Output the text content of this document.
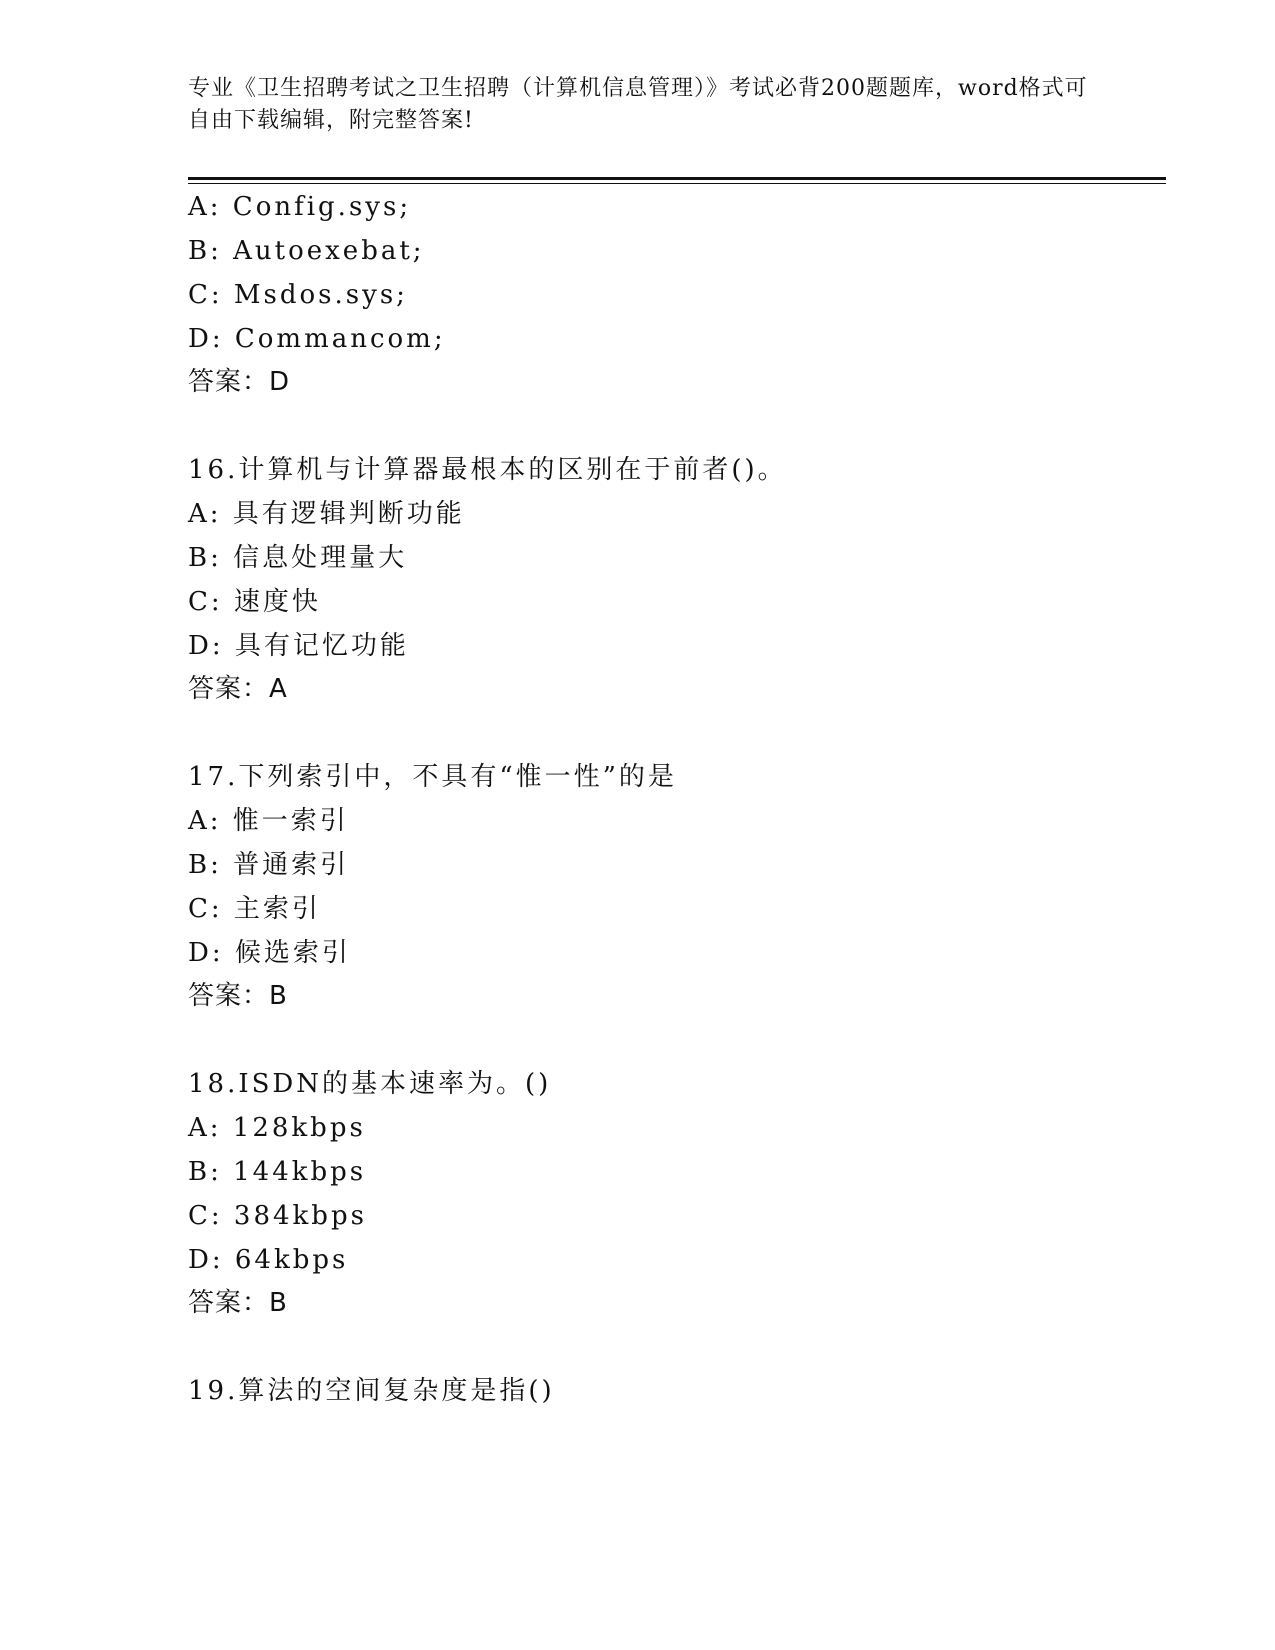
专业《卫生招聘考试之卫生招聘（计算机信息管理）》考试必背200题题库，word格式可自由下载编辑，附完整答案!
A: Config.sys;
B: Autoexebat;
C: Msdos.sys;
D: Commancom;
答案：D
16.计算机与计算器最根本的区别在于前者()。
A: 具有逻辑判断功能
B: 信息处理量大
C: 速度快
D: 具有记忆功能
答案：A
17.下列索引中，不具有“惟一性”的是
A: 惟一索引
B: 普通索引
C: 主索引
D: 候选索引
答案：B
18.ISDN的基本速率为。()
A: 128kbps
B: 144kbps
C: 384kbps
D: 64kbps
答案：B
19.算法的空间复杂度是指()
